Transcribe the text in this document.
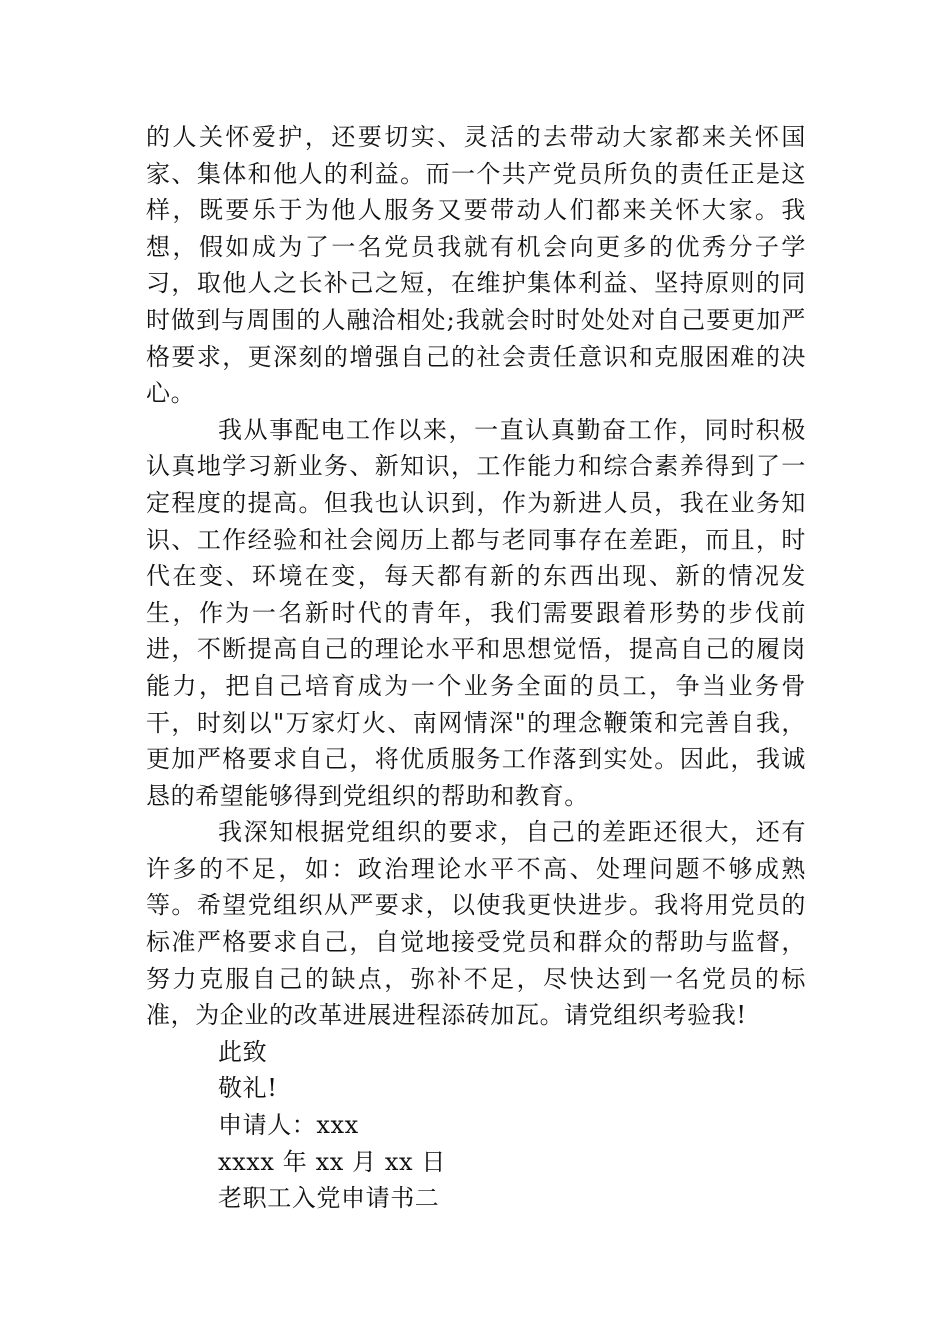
的人关怀爱护，还要切实、灵活的去带动大家都来关怀国家、集体和他人的利益。而一个共产党员所负的责任正是这样，既要乐于为他人服务又要带动人们都来关怀大家。我想，假如成为了一名党员我就有机会向更多的优秀分子学习，取他人之长补己之短，在维护集体利益、坚持原则的同时做到与周围的人融洽相处;我就会时时处处对自己要更加严格要求，更深刻的增强自己的社会责任意识和克服困难的决心。

我从事配电工作以来，一直认真勤奋工作，同时积极认真地学习新业务、新知识，工作能力和综合素养得到了一定程度的提高。但我也认识到，作为新进人员，我在业务知识、工作经验和社会阅历上都与老同事存在差距，而且，时代在变、环境在变，每天都有新的东西出现、新的情况发生，作为一名新时代的青年，我们需要跟着形势的步伐前进，不断提高自己的理论水平和思想觉悟，提高自己的履岗能力，把自己培育成为一个业务全面的员工，争当业务骨干，时刻以"万家灯火、南网情深"的理念鞭策和完善自我，更加严格要求自己，将优质服务工作落到实处。因此，我诚恳的希望能够得到党组织的帮助和教育。

我深知根据党组织的要求，自己的差距还很大，还有许多的不足，如：政治理论水平不高、处理问题不够成熟等。希望党组织从严要求，以使我更快进步。我将用党员的标准严格要求自己，自觉地接受党员和群众的帮助与监督，努力克服自己的缺点，弥补不足，尽快达到一名党员的标准，为企业的改革进展进程添砖加瓦。请党组织考验我!

此致

敬礼!

申请人：xxx

xxxx 年 xx 月 xx 日

老职工入党申请书二
